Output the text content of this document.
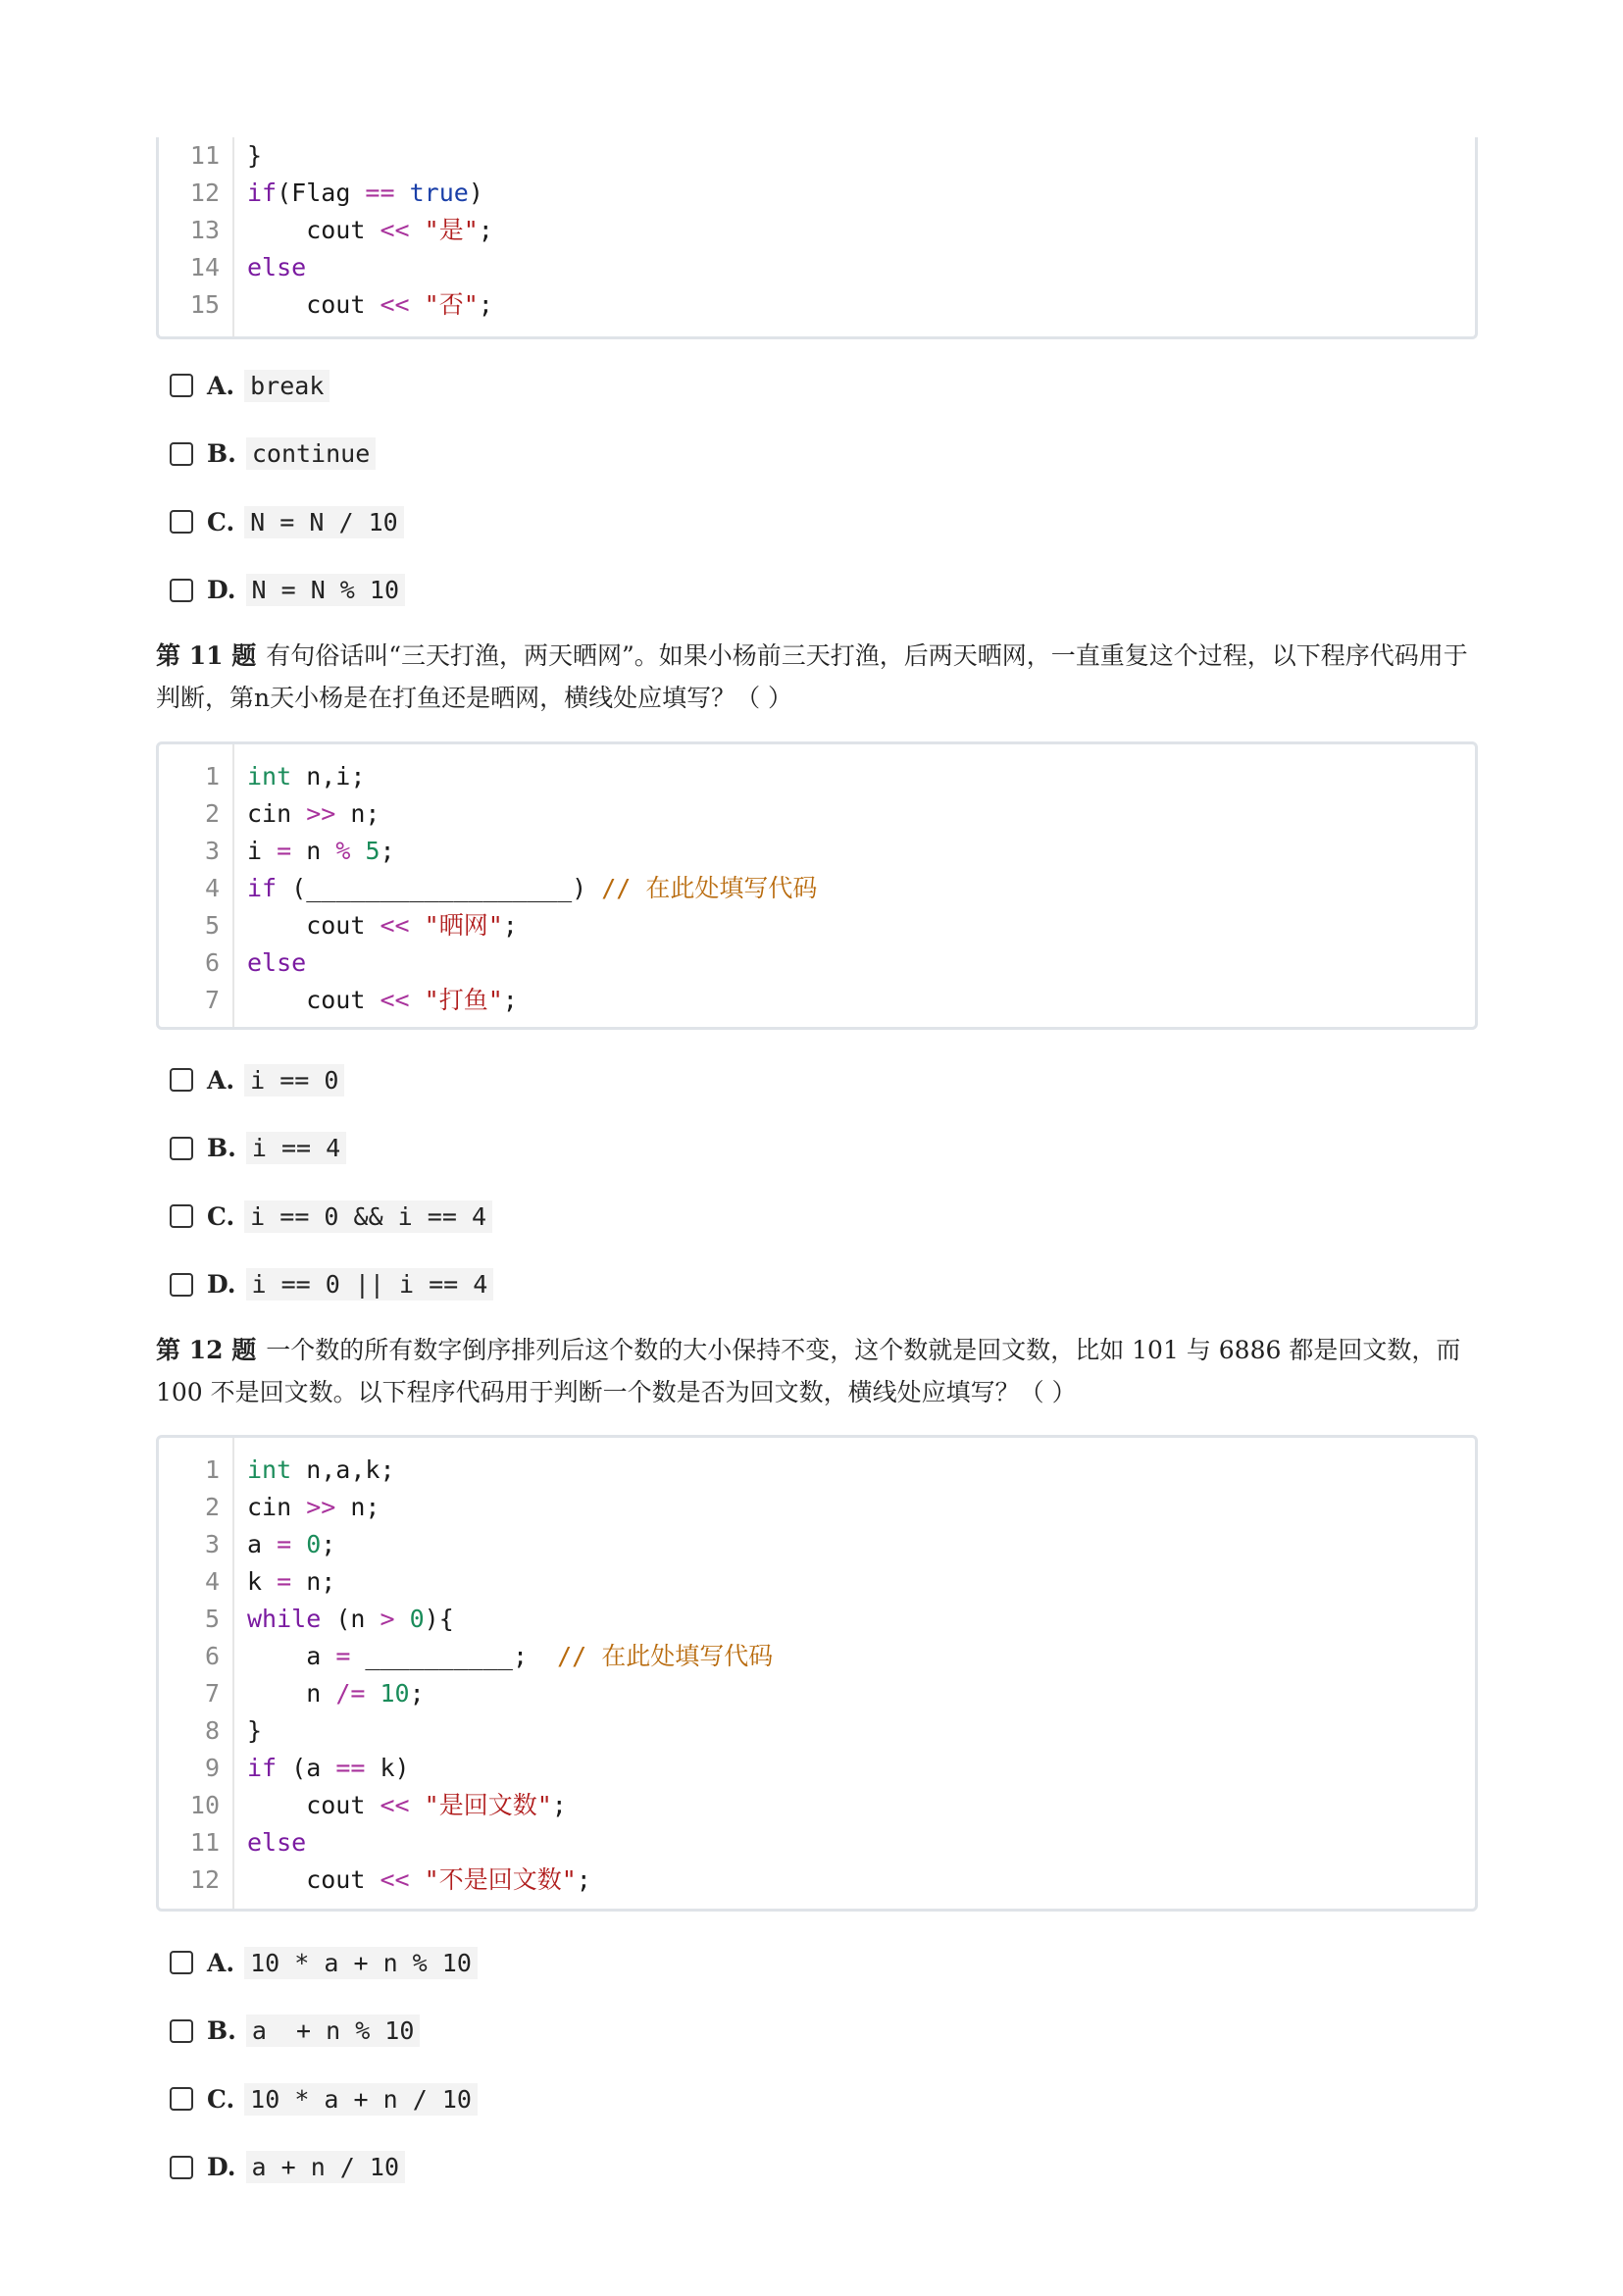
11 }
12 if(Flag == true)
13 cout << "是";
14 else
15 cout << "否";
A. break
B. continue
C. N = N / 10
D. N = N % 10
第 11 题 有句俗话叫“三天打渔，两天晒网”。如果小杨前三天打渔，后两天晒网，一直重复这个过程，以下程序代码用于判断，第n天小杨是在打鱼还是晒网，横线处应填写？（ ）
1 int n,i;
2 cin >> n;
3 i = n % 5;
4 if (__________________) // 在此处填写代码
5 cout << "晒网";
6 else
7 cout << "打鱼";
A. i == 0
B. i == 4
C. i == 0 && i == 4
D. i == 0 || i == 4
第 12 题 一个数的所有数字倒序排列后这个数的大小保持不变，这个数就是回文数，比如 101 与 6886 都是回文数，而 100 不是回文数。以下程序代码用于判断一个数是否为回文数，横线处应填写？（ ）
1 int n,a,k;
2 cin >> n;
3 a = 0;
4 k = n;
5 while (n > 0){
6 a = __________;  // 在此处填写代码
7 n /= 10;
8 }
9 if (a == k)
10 cout << "是回文数";
11 else
12 cout << "不是回文数";
A. 10 * a + n % 10
B. a  + n % 10
C. 10 * a + n / 10
D. a + n / 10
